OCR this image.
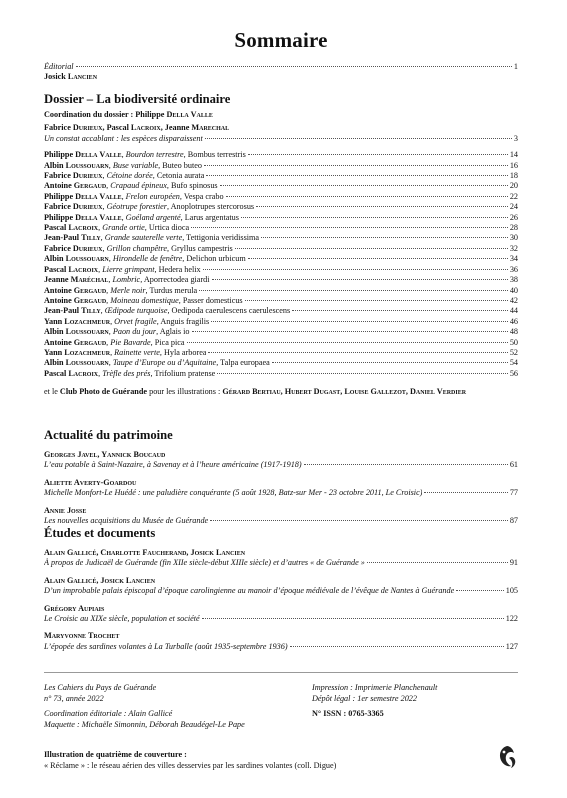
Sommaire
Éditorial	1
Josick Lancien
Dossier – La biodiversité ordinaire
Coordination du dossier : Philippe Della Valle
Fabrice Durieux, Pascal Lacroix, Jeanne Marechal
Un constat accablant : les espèces disparaissent	3
Philippe Della Valle, Bourdon terrestre, Bombus terrestris	14
Albin Loussouarn, Buse variable, Buteo buteo	16
Fabrice Durieux, Cétoine dorée, Cetonia aurata	18
Antoine Gergaud, Crapaud épineux, Bufo spinosus	20
Philippe Della Valle, Frelon européen, Vespa crabo	22
Fabrice Durieux, Géotrupe forestier, Anoplotrupes stercorosus	24
Philippe Della Valle, Goéland argenté, Larus argentatus	26
Pascal Lacroix, Grande ortie, Urtica dioca	28
Jean-Paul Tilly, Grande sauterelle verte, Tettigonia veridissima	30
Fabrice Durieux, Grillon champêtre, Gryllus campestris	32
Albin Loussouarn, Hirondelle de fenêtre, Delichon urbicum	34
Pascal Lacroix, Lierre grimpant, Hedera helix	36
Jeanne Maréchal, Lombric, Aporrectodea giardi	38
Antoine Gergaud, Merle noir, Turdus merula	40
Antoine Gergaud, Moineau domestique, Passer domesticus	42
Jean-Paul Tilly, Œdipode turquoise, Oedipoda caerulescens caerulescens	44
Yann Lozachmeur, Orvet fragile, Anguis fragilis	46
Albin Loussouarn, Paon du jour, Aglais io	48
Antoine Gergaud, Pie Bavarde, Pica pica	50
Yann Lozachmeur, Rainette verte, Hyla arborea	52
Albin Loussouarn, Taupe d’Europe ou d’Aquitaine, Talpa europaea	54
Pascal Lacroix, Trèfle des prés, Trifolium pratense	56
et le Club Photo de Guérande pour les illustrations : Gérard Bertiau, Hubert Dugast, Louise Gallezot, Daniel Verdier
Actualité du patrimoine
Georges Javel, Yannick Boucaud
L’eau potable à Saint-Nazaire, à Savenay et à l’heure américaine (1917-1918)	61
Aliette Averty-Goardou
Michelle Monfort-Le Huédé : une paludière conquérante (5 août 1928, Batz-sur Mer - 23 octobre 2011, Le Croisic)	77
Annie Josse
Les nouvelles acquisitions du Musée de Guérande	87
Études et documents
Alain Gallicé, Charlotte Faucherand, Josick Lancien
À propos de Judicaël de Guérande (fin XIIe siècle-début XIIIe siècle) et d’autres « de Guérande »	91
Alain Gallicé, Josick Lancien
D’un improbable palais épiscopal d’époque carolingienne au manoir d’époque médiévale de l’évêque de Nantes à Guérande	105
Grégory Aupiais
Le Croisic au XIXe siècle, population et société	122
Maryvonne Trochet
L’épopée des sardines volantes à La Turballe (août 1935-septembre 1936)	127
Les Cahiers du Pays de Guérande
n° 73, année 2022
Coordination éditoriale : Alain Gallicé
Maquette : Michaële Simonnin, Déborah Beaudégel-Le Pape
Impression : Imprimerie Planchenault
Dépôt légal : 1er semestre 2022
N° ISSN : 0765-3365
Illustration de quatrième de couverture :
« Réclame » : le réseau aérien des villes desservies par les sardines volantes (coll. Digue)
